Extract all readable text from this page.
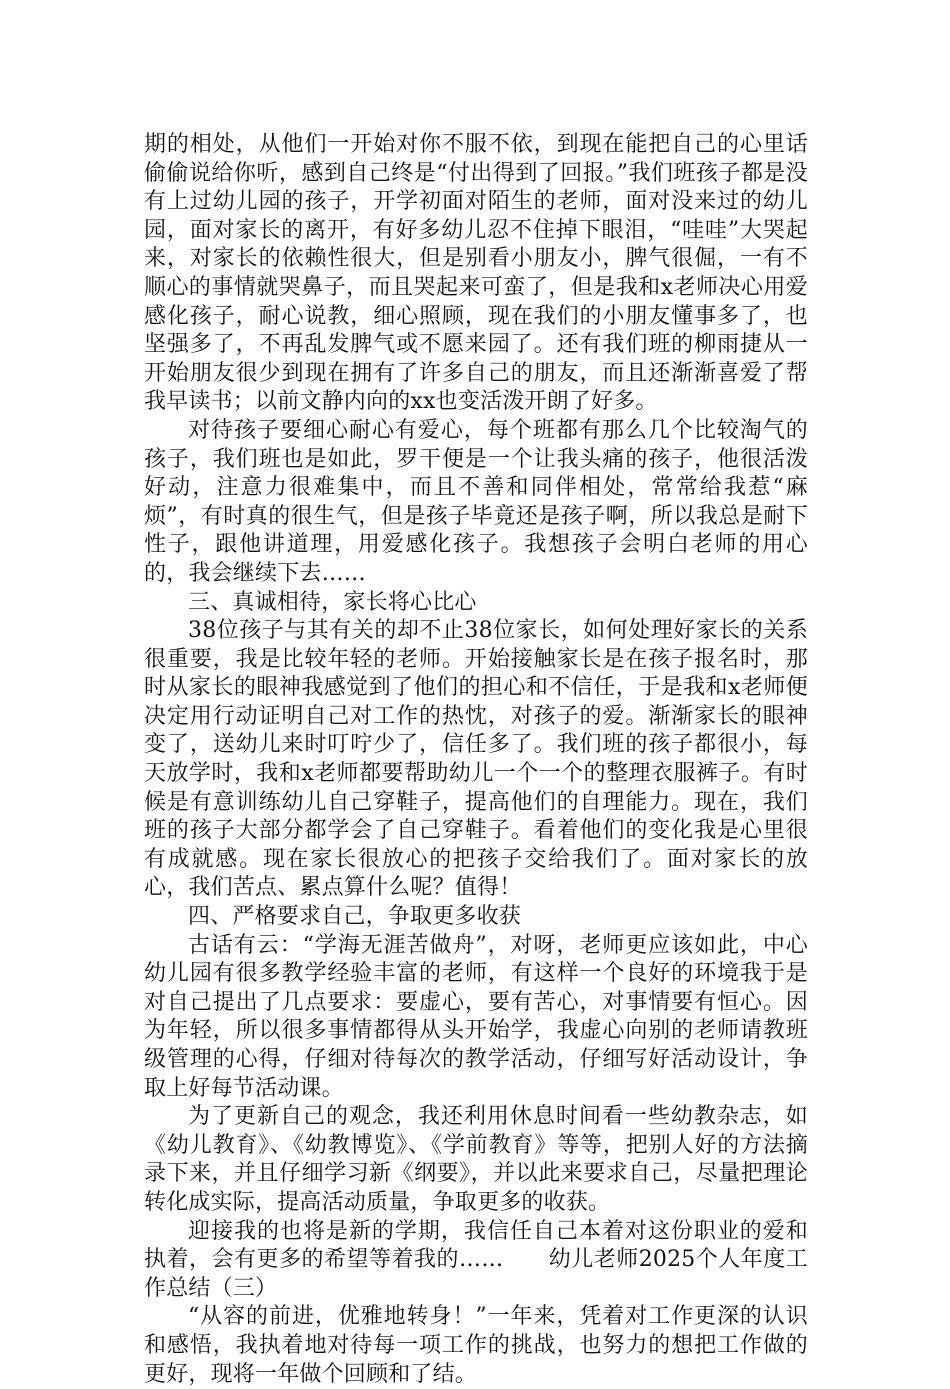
期的相处，从他们一开始对你不服不依，到现在能把自己的心里话偷偷说给你听，感到自己终是“付出得到了回报。”我们班孩子都是没有上过幼儿园的孩子，开学初面对陌生的老师，面对没来过的幼儿园，面对家长的离开，有好多幼儿忍不住掉下眼泪，“哇哇”大哭起来，对家长的依赖性很大，但是别看小朋友小，脾气很倔，一有不顺心的事情就哭鼻子，而且哭起来可蛮了，但是我和x老师决心用爱感化孩子，耐心说教，细心照顾，现在我们的小朋友懂事多了，也坚强多了，不再乱发脾气或不愿来园了。还有我们班的柳雨捷从一开始朋友很少到现在拥有了许多自己的朋友，而且还渐渐喜爱了帮我早读书；以前文静内向的xx也变活泼开朗了好多。

对待孩子要细心耐心有爱心，每个班都有那么几个比较淘气的孩子，我们班也是如此，罗干便是一个让我头痛的孩子，他很活泼好动，注意力很难集中，而且不善和同伴相处，常常给我惹“麻烦”，有时真的很生气，但是孩子毕竟还是孩子啊，所以我总是耐下性子，跟他讲道理，用爱感化孩子。我想孩子会明白老师的用心的，我会继续下去……

三、真诚相待，家长将心比心

38位孩子与其有关的却不止38位家长，如何处理好家长的关系很重要，我是比较年轻的老师。开始接触家长是在孩子报名时，那时从家长的眼神我感觉到了他们的担心和不信任，于是我和x老师便决定用行动证明自己对工作的热忱，对孩子的爱。渐渐家长的眼神变了，送幼儿来时叮咛少了，信任多了。我们班的孩子都很小，每天放学时，我和x老师都要帮助幼儿一个一个的整理衣服裤子。有时候是有意训练幼儿自己穿鞋子，提高他们的自理能力。现在，我们班的孩子大部分都学会了自己穿鞋子。看着他们的变化我是心里很有成就感。现在家长很放心的把孩子交给我们了。面对家长的放心，我们苦点、累点算什么呢？值得！

四、严格要求自己，争取更多收获

古话有云：“学海无涯苦做舟”，对呀，老师更应该如此，中心幼儿园有很多教学经验丰富的老师，有这样一个良好的环境我于是对自己提出了几点要求：要虚心，要有苦心，对事情要有恒心。因为年轻，所以很多事情都得从头开始学，我虚心向别的老师请教班级管理的心得，仔细对待每次的教学活动，仔细写好活动设计，争取上好每节活动课。

为了更新自己的观念，我还利用休息时间看一些幼教杂志，如《幼儿教育》、《幼教博览》、《学前教育》等等，把别人好的方法摘录下来，并且仔细学习新《纲要》，并以此来要求自己，尽量把理论转化成实际，提高活动质量，争取更多的收获。

迎接我的也将是新的学期，我信任自己本着对这份职业的爱和执着，会有更多的希望等着我的……　　幼儿老师2025个人年度工作总结（三）

“从容的前进，优雅地转身！”一年来，凭着对工作更深的认识和感悟，我执着地对待每一项工作的挑战，也努力的想把工作做的更好，现将一年做个回顾和了结。
